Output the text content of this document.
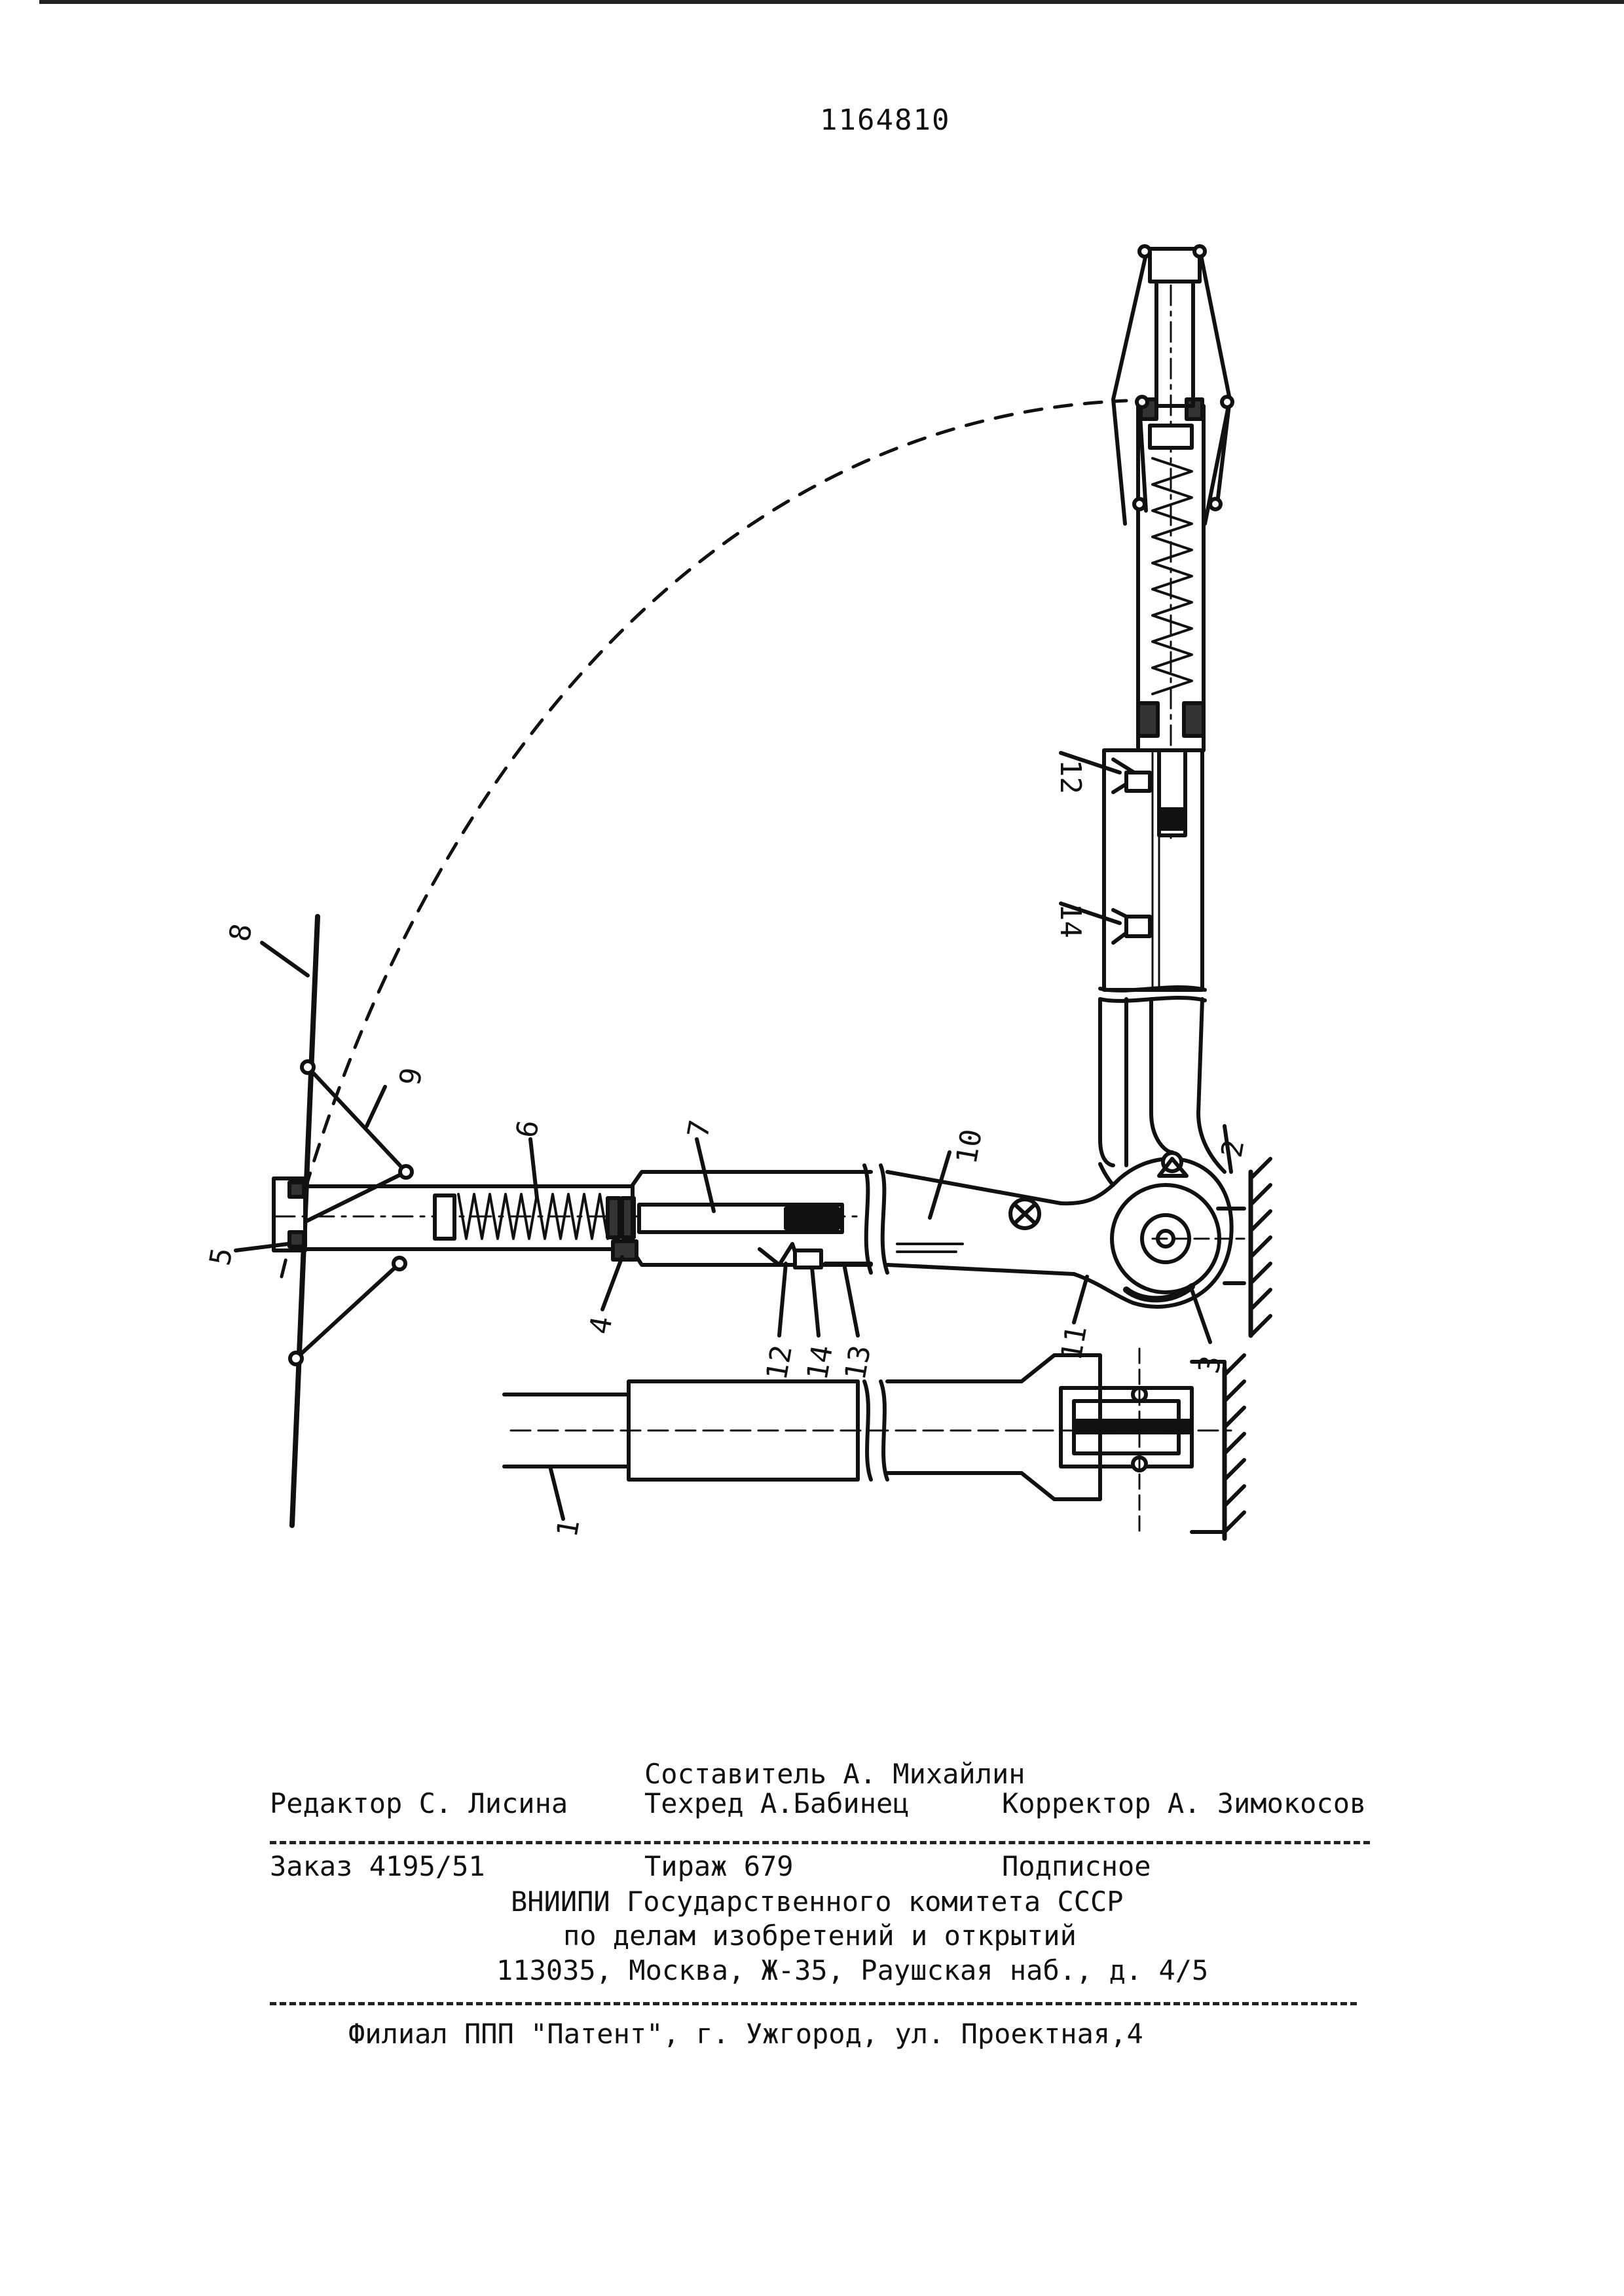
1164810
8
9
6	7	10	2
5
4
12 14
13	11
3
1
12
14
Составитель А. Михайлин
Редактор С. Лисина	Техред А.Бабинец	Корректор А. Зимокосов
Заказ 4195/51	Тираж 679	Подписное
ВНИИПИ Государственного комитета СССР
по делам изобретений и открытий
113035, Москва, Ж-35, Раушская наб., д. 4/5
Филиал ППП "Патент", г. Ужгород, ул. Проектная,4
